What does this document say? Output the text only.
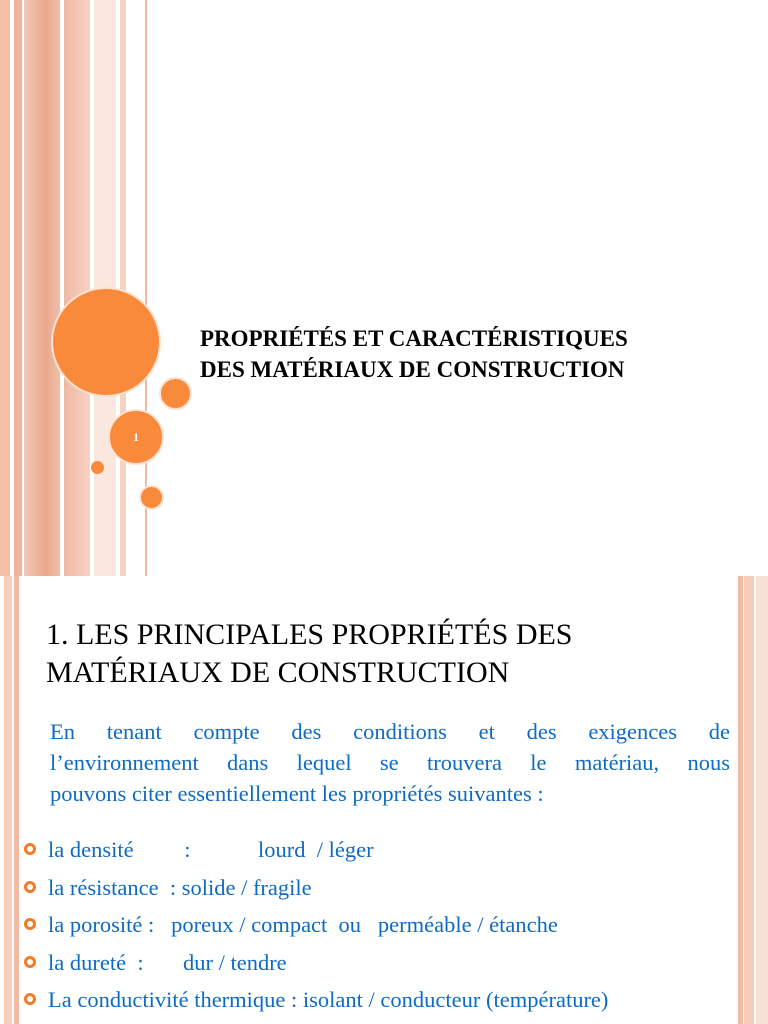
1
PROPRIÉTÉS ET CARACTÉRISTIQUES
DES MATÉRIAUX DE CONSTRUCTION
1. LES PRINCIPALES PROPRIÉTÉS DES
MATÉRIAUX DE CONSTRUCTION

En tenant compte des conditions et des exigences de
l’environnement dans lequel se trouvera le matériau, nous
pouvons citer essentiellement les propriétés suivantes :

la densité         :            lourd  / léger
la résistance  : solide / fragile
la porosité :   poreux / compact  ou   perméable / étanche
la dureté  :       dur / tendre
La conductivité thermique : isolant / conducteur (température)
